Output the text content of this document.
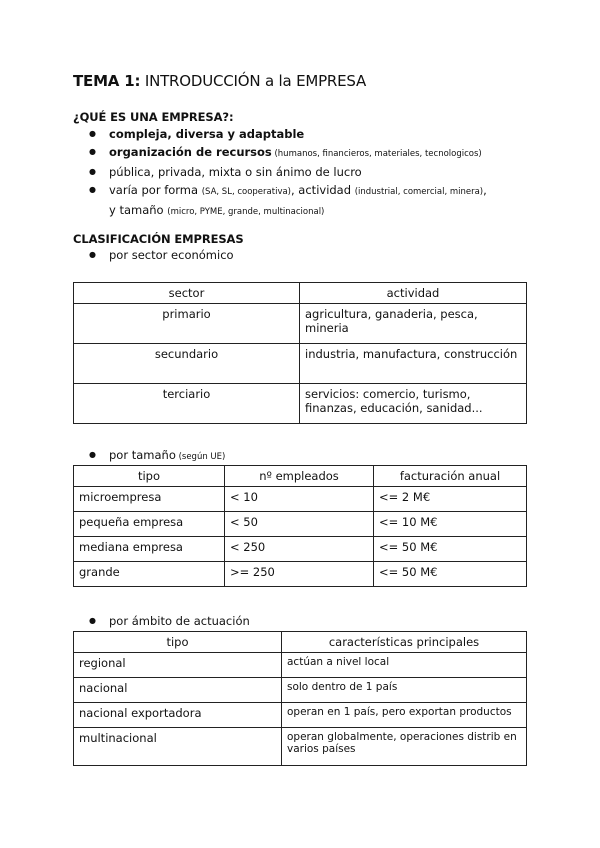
TEMA 1: INTRODUCCIÓN a la EMPRESA

¿QUÉ ES UNA EMPRESA?:

● compleja, diversa y adaptable
● organización de recursos (humanos, financieros, materiales, tecnologicos)
● pública, privada, mixta o sin ánimo de lucro
● varía por forma (SA, SL, cooperativa), actividad (industrial, comercial, minera),
y tamaño (micro, PYME, grande, multinacional)

CLASIFICACIÓN EMPRESAS

● por sector económico
sector	actividad
primario	agricultura, ganaderia, pesca, mineria
secundario	industria, manufactura, construcción
terciario	servicios: comercio, turismo, finanzas, educación, sanidad...
● por tamaño (según UE)
tipo	nº empleados	facturación anual
microempresa	< 10	<= 2 M€
pequeña empresa	< 50	<= 10 M€
mediana empresa	< 250	<= 50 M€
grande	>= 250	<= 50 M€
● por ámbito de actuación
tipo	características principales
regional	actúan a nivel local
nacional	solo dentro de 1 país
nacional exportadora	operan en 1 país, pero exportan productos
multinacional	operan globalmente, operaciones distrib en varios países
